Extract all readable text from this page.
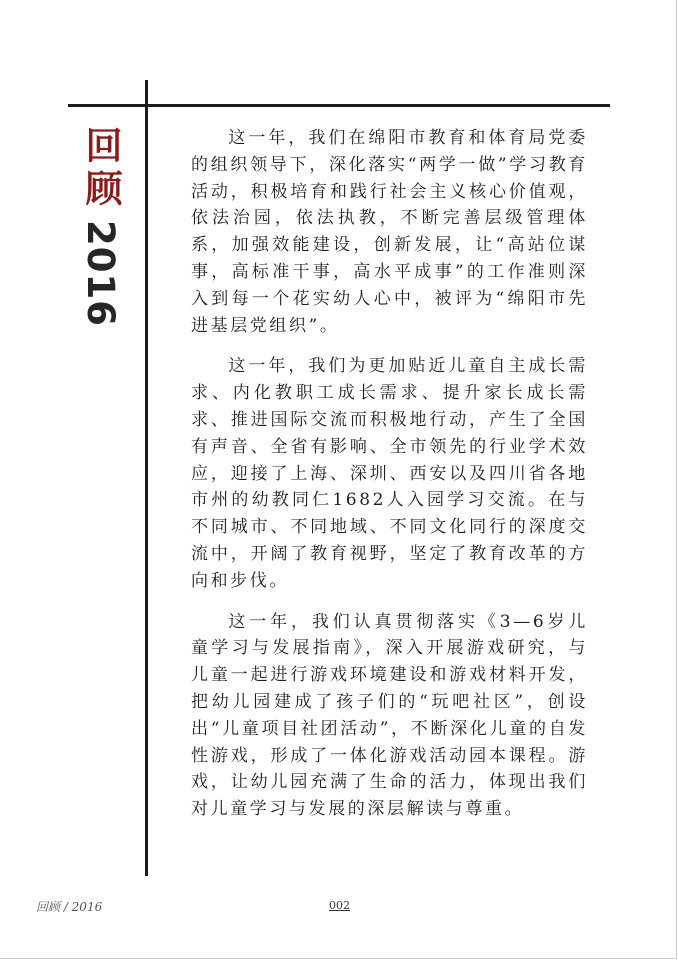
回顾2016

这一年，我们在绵阳市教育和体育局党委的组织领导下，深化落实“两学一做”学习教育活动，积极培育和践行社会主义核心价值观，依法治园，依法执教，不断完善层级管理体系，加强效能建设，创新发展，让“高站位谋事，高标准干事，高水平成事”的工作准则深入到每一个花实幼人心中，被评为“绵阳市先进基层党组织”。

这一年，我们为更加贴近儿童自主成长需求、内化教职工成长需求、提升家长成长需求、推进国际交流而积极地行动，产生了全国有声音、全省有影响、全市领先的行业学术效应，迎接了上海、深圳、西安以及四川省各地市州的幼教同仁1682人入园学习交流。在与不同城市、不同地域、不同文化同行的深度交流中，开阔了教育视野，坚定了教育改革的方向和步伐。

这一年，我们认真贯彻落实《3—6岁儿童学习与发展指南》，深入开展游戏研究，与儿童一起进行游戏环境建设和游戏材料开发，把幼儿园建成了孩子们的“玩吧社区”，创设出“儿童项目社团活动”，不断深化儿童的自发性游戏，形成了一体化游戏活动园本课程。游戏，让幼儿园充满了生命的活力，体现出我们对儿童学习与发展的深层解读与尊重。

回顾 / 2016	002
